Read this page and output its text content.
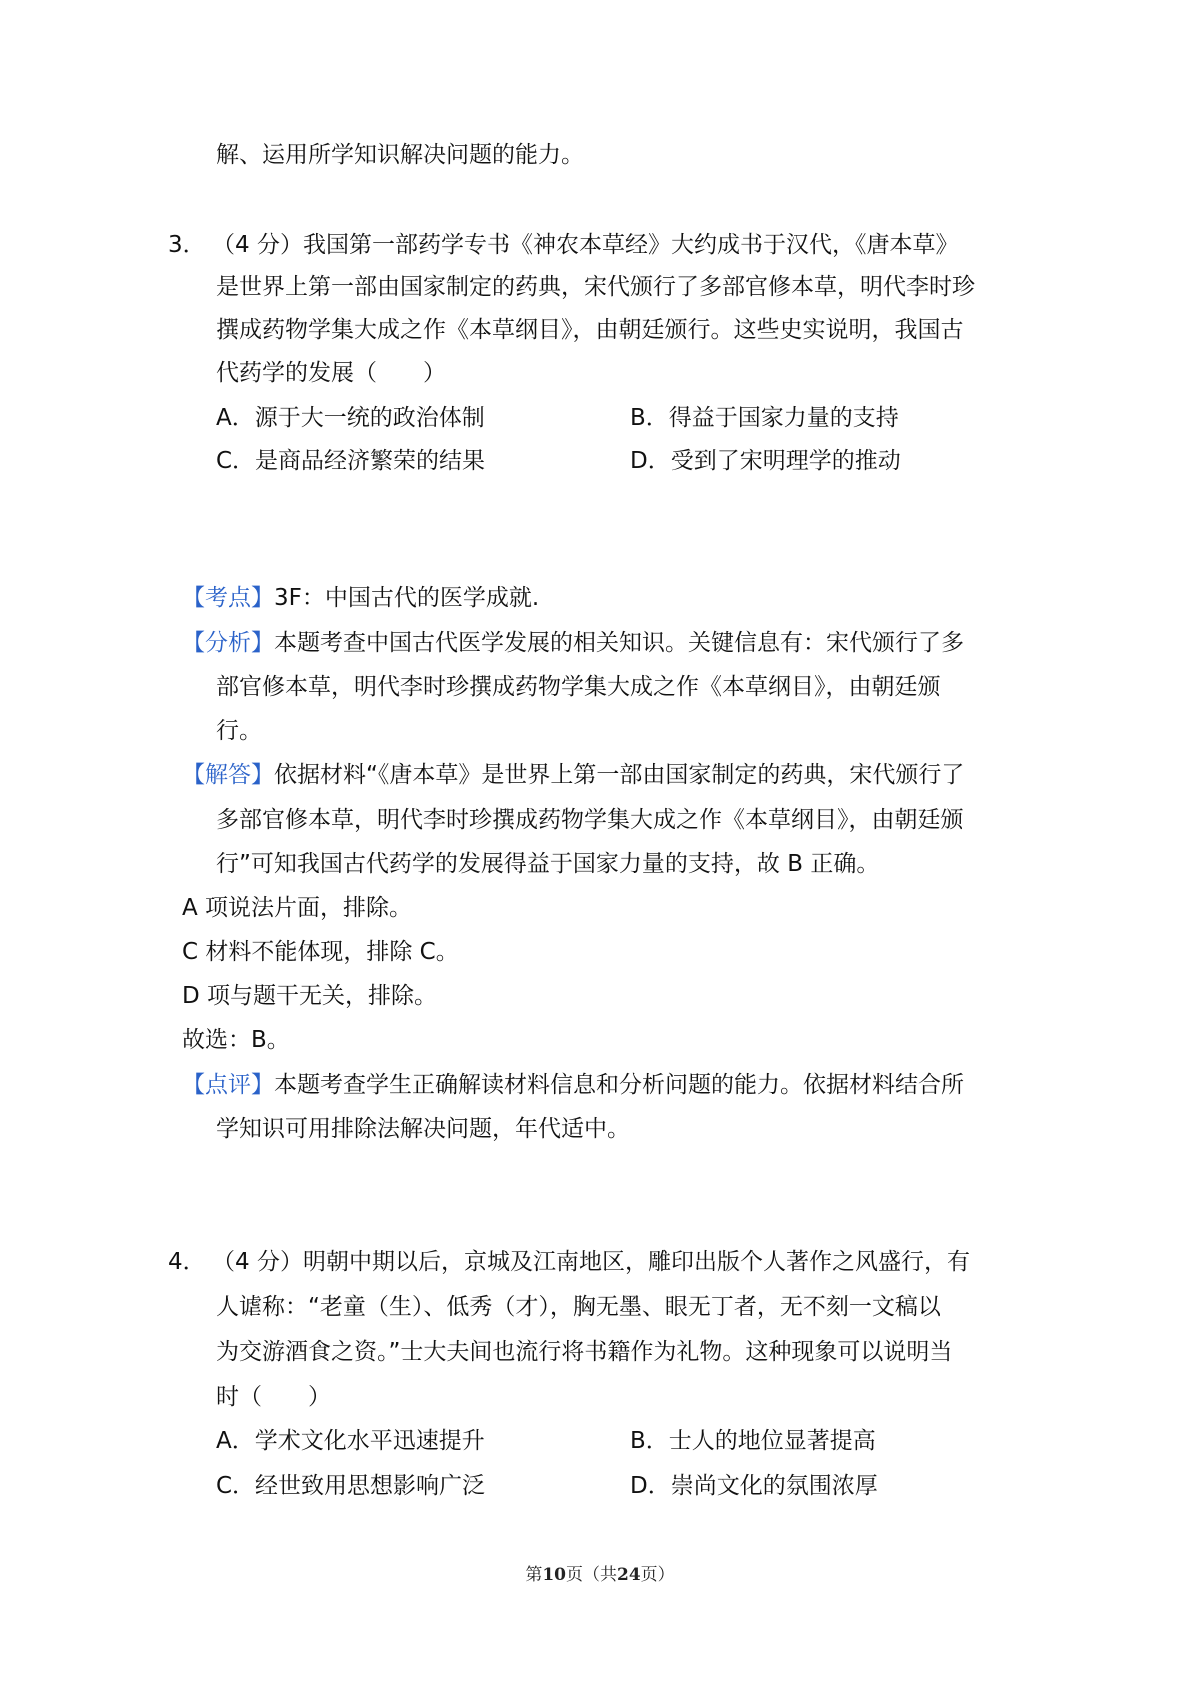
解、运用所学知识解决问题的能力。
3． （4 分）我国第一部药学专书《神农本草经》大约成书于汉代，《唐本草》
是世界上第一部由国家制定的药典，宋代颁行了多部官修本草，明代李时珍
撰成药物学集大成之作《本草纲目》，由朝廷颁行。这些史实说明，我国古
代药学的发展（　　）
A．源于大一统的政治体制	B．得益于国家力量的支持
C．是商品经济繁荣的结果	D．受到了宋明理学的推动
【考点】3F：中国古代的医学成就.
【分析】本题考查中国古代医学发展的相关知识。关键信息有：宋代颁行了多
部官修本草，明代李时珍撰成药物学集大成之作《本草纲目》，由朝廷颁
行。
【解答】依据材料“《唐本草》是世界上第一部由国家制定的药典，宋代颁行了
多部官修本草，明代李时珍撰成药物学集大成之作《本草纲目》，由朝廷颁
行”可知我国古代药学的发展得益于国家力量的支持，故 B 正确。
A 项说法片面，排除。
C 材料不能体现，排除 C。
D 项与题干无关，排除。
故选：B。
【点评】本题考查学生正确解读材料信息和分析问题的能力。依据材料结合所
学知识可用排除法解决问题，年代适中。
4． （4 分）明朝中期以后，京城及江南地区，雕印出版个人著作之风盛行，有
人谑称：“老童（生）、低秀（才），胸无墨、眼无丁者，无不刻一文稿以
为交游酒食之资。”士大夫间也流行将书籍作为礼物。这种现象可以说明当
时（　　）
A．学术文化水平迅速提升	B．士人的地位显著提高
C．经世致用思想影响广泛	D．崇尚文化的氛围浓厚
第10页（共24页）
